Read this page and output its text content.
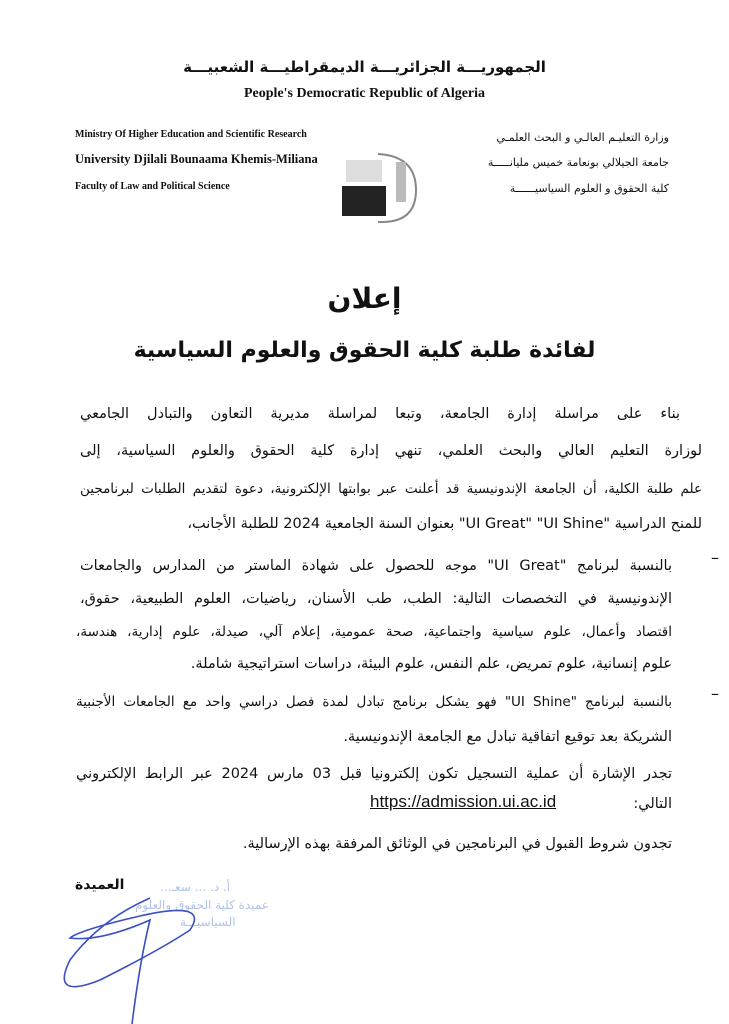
الجمهوريـــة الجزائريـــة الديمقراطيـــة الشعبيـــة
People's Democratic Republic of Algeria
Ministry Of Higher Education and Scientific Research
University Djilali Bounaama Khemis-Miliana
Faculty of Law and Political Science
وزارة التعليـم العالـي و البحث العلمـي
جامعة الجيلالي بونعامة خميس مليانـــــة
كلية الحقوق و العلوم السياسيــــــة
إعلان
لفائدة طلبة كلية الحقوق والعلوم السياسية
بناء على مراسلة إدارة الجامعة، وتبعا لمراسلة مديرية التعاون والتبادل الجامعي
لوزارة التعليم العالي والبحث العلمي، تنهي إدارة كلية الحقوق والعلوم السياسية، إلى
علم طلبة الكلية، أن الجامعة الإندونيسية قد أعلنت عبر بوابتها الإلكترونية، دعوة لتقديم الطلبات لبرنامجين
للمنح الدراسية "UI Great" "UI Shine" بعنوان السنة الجامعية 2024 للطلبة الأجانب،
–
بالنسبة لبرنامج "UI Great" موجه للحصول على شهادة الماستر من المدارس والجامعات
الإندونيسية في التخصصات التالية: الطب، طب الأسنان، رياضيات، العلوم الطبيعية، حقوق،
اقتصاد وأعمال، علوم سياسية واجتماعية، صحة عمومية، إعلام آلي، صيدلة، علوم إدارية، هندسة،
علوم إنسانية، علوم تمريض، علم النفس، علوم البيئة، دراسات استراتيجية شاملة.
–
بالنسبة لبرنامج "UI Shine" فهو يشكل برنامج تبادل لمدة فصل دراسي واحد مع الجامعات الأجنبية
الشريكة بعد توقيع اتفاقية تبادل مع الجامعة الإندونيسية.
تجدر الإشارة أن عملية التسجيل تكون إلكترونيا قبل 03 مارس 2024 عبر الرابط الإلكتروني
التالي:
https://admission.ui.ac.id
تجدون شروط القبول في البرنامجين في الوثائق المرفقة بهذه الإرسالية.
العميدة	أ. د. ... سعـ...
عميدة كلية الحقوق والعلوم
السياسيـــة
